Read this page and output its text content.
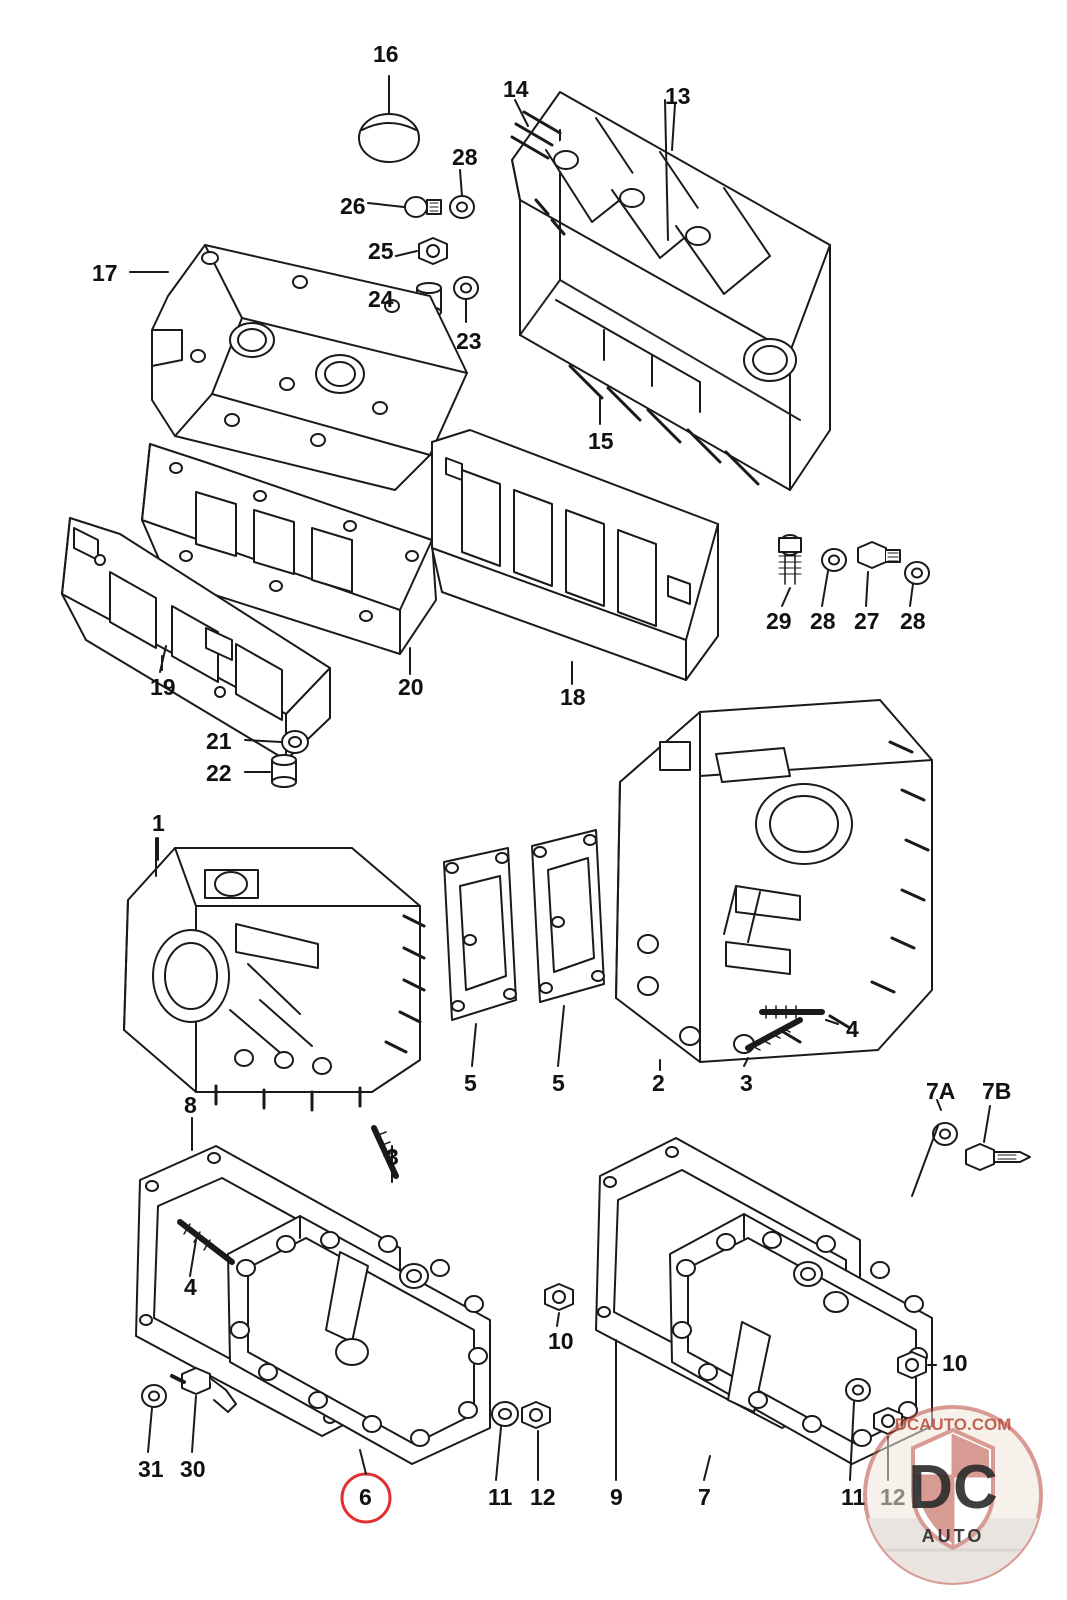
16
14	13
28
26
17
25
24
23
15
29 28 27 28
19	20	18
21
22
1
5	5	2	3
4
7A 7B
8
3
4
10
10
31 30
6	11 12 9	7	11
DCAUTO.COM
DC
AUTO
